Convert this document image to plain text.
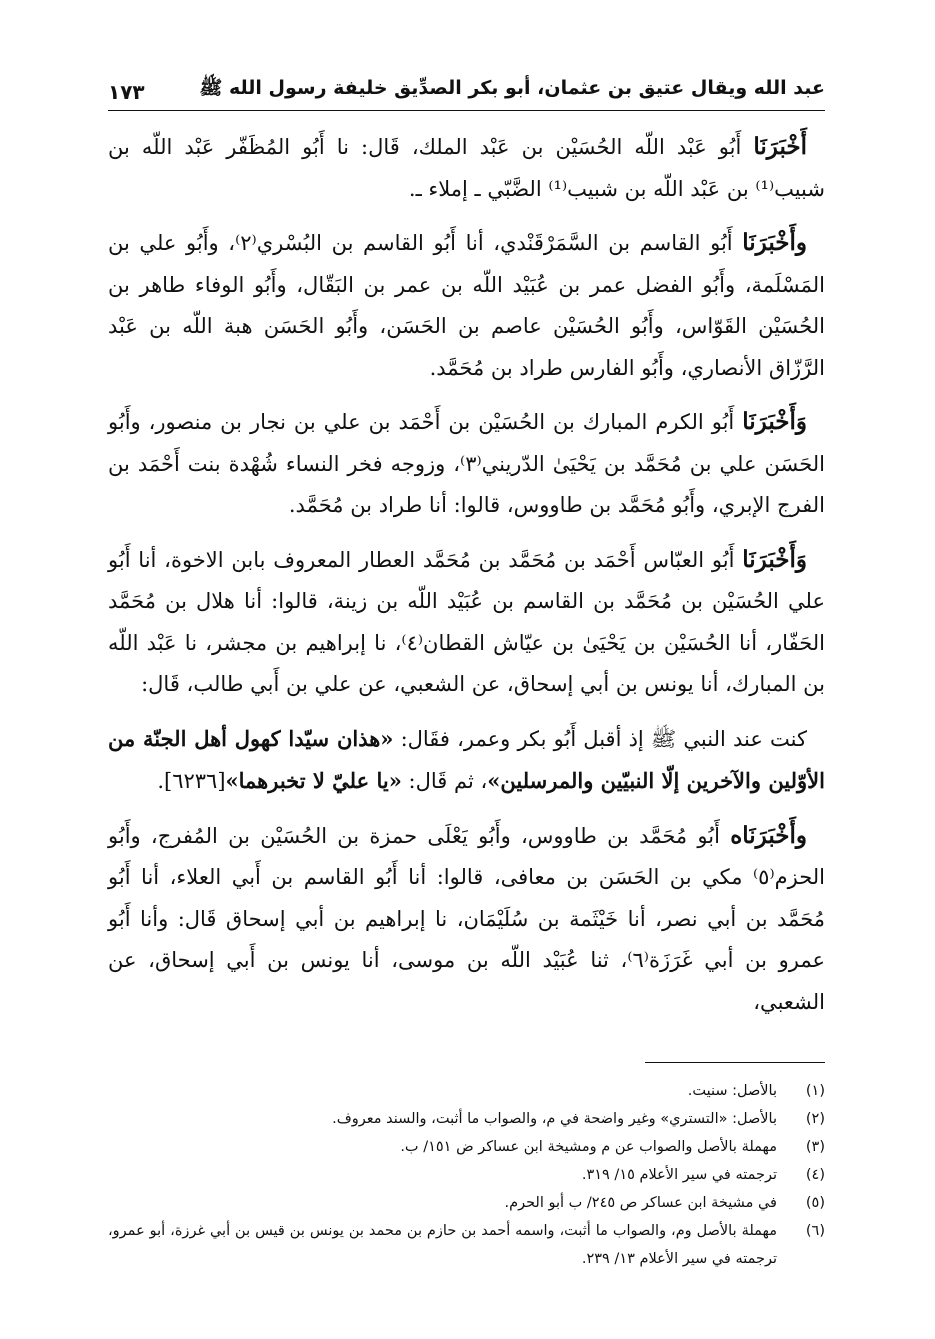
عبد الله ويقال عتيق بن عثمان، أبو بكر الصدِّيق خليفة رسول الله ﷺ
١٧٣

أَخْبَرَنَا أَبُو عَبْد اللّه الحُسَيْن بن عَبْد الملك، قَال: نا أَبُو المُظَفّر عَبْد اللّه بن شبيب⁽¹⁾ بن عَبْد اللّه بن شبيب⁽¹⁾ الضَّبّي ـ إملاء ـ.

وأَخْبَرَنَا أَبُو القاسم بن السَّمَرْقَنْدي، أنا أَبُو القاسم بن البُسْري⁽٢⁾، وأَبُو علي بن المَسْلَمة، وأَبُو الفضل عمر بن عُبَيْد اللّه بن عمر بن البَقّال، وأَبُو الوفاء طاهر بن الحُسَيْن القَوّاس، وأَبُو الحُسَيْن عاصم بن الحَسَن، وأَبُو الحَسَن هبة اللّه بن عَبْد الرَّزّاق الأنصاري، وأَبُو الفارس طراد بن مُحَمَّد.

وَأَخْبَرَنَا أَبُو الكرم المبارك بن الحُسَيْن بن أَحْمَد بن علي بن نجار بن منصور، وأَبُو الحَسَن علي بن مُحَمَّد بن يَحْيَىٰ الدّريني⁽٣⁾، وزوجه فخر النساء شُهْدة بنت أَحْمَد بن الفرج الإبري، وأَبُو مُحَمَّد بن طاووس، قالوا: أنا طراد بن مُحَمَّد.

وَأَخْبَرَنَا أَبُو العبّاس أَحْمَد بن مُحَمَّد بن مُحَمَّد العطار المعروف بابن الاخوة، أنا أَبُو علي الحُسَيْن بن مُحَمَّد بن القاسم بن عُبَيْد اللّه بن زينة، قالوا: أنا هلال بن مُحَمَّد الحَفّار، أنا الحُسَيْن بن يَحْيَىٰ بن عيّاش القطان⁽٤⁾، نا إبراهيم بن مجشر، نا عَبْد اللّه بن المبارك، أنا يونس بن أبي إسحاق، عن الشعبي، عن علي بن أَبي طالب، قَال:

كنت عند النبي ﷺ إذ أقبل أَبُو بكر وعمر، فقَال: «هذان سيّدا كهول أهل الجنّة من الأوّلين والآخرين إلّا النبيّين والمرسلين»، ثم قَال: «يا عليّ لا تخبرهما»[٦٢٣٦].

وأَخْبَرَنَاه أَبُو مُحَمَّد بن طاووس، وأَبُو يَعْلَى حمزة بن الحُسَيْن بن المُفرج، وأَبُو الحزم⁽٥⁾ مكي بن الحَسَن بن معافى، قالوا: أنا أَبُو القاسم بن أَبي العلاء، أنا أَبُو مُحَمَّد بن أبي نصر، أنا خَيْثَمة بن سُلَيْمَان، نا إبراهيم بن أبي إسحاق قَال: وأنا أَبُو عمرو بن أبي غَرَزَة⁽٦⁾، ثنا عُبَيْد اللّه بن موسى، أنا يونس بن أَبي إسحاق، عن الشعبي،

(١)
بالأصل: سنيت.
(٢)
بالأصل: «التستري» وغير واضحة في م، والصواب ما أثبت، والسند معروف.
(٣)
مهملة بالأصل والصواب عن م ومشيخة ابن عساكر ض ١٥١/ ب.
(٤)
ترجمته في سير الأعلام ١٥/ ٣١٩.
(٥)
في مشيخة ابن عساكر ص ٢٤٥/ ب أبو الحرم.
(٦)
مهملة بالأصل وم، والصواب ما أثبت، واسمه أحمد بن حازم بن محمد بن يونس بن قيس بن أبي غرزة، أبو عمرو، ترجمته في سير الأعلام ١٣/ ٢٣٩.
